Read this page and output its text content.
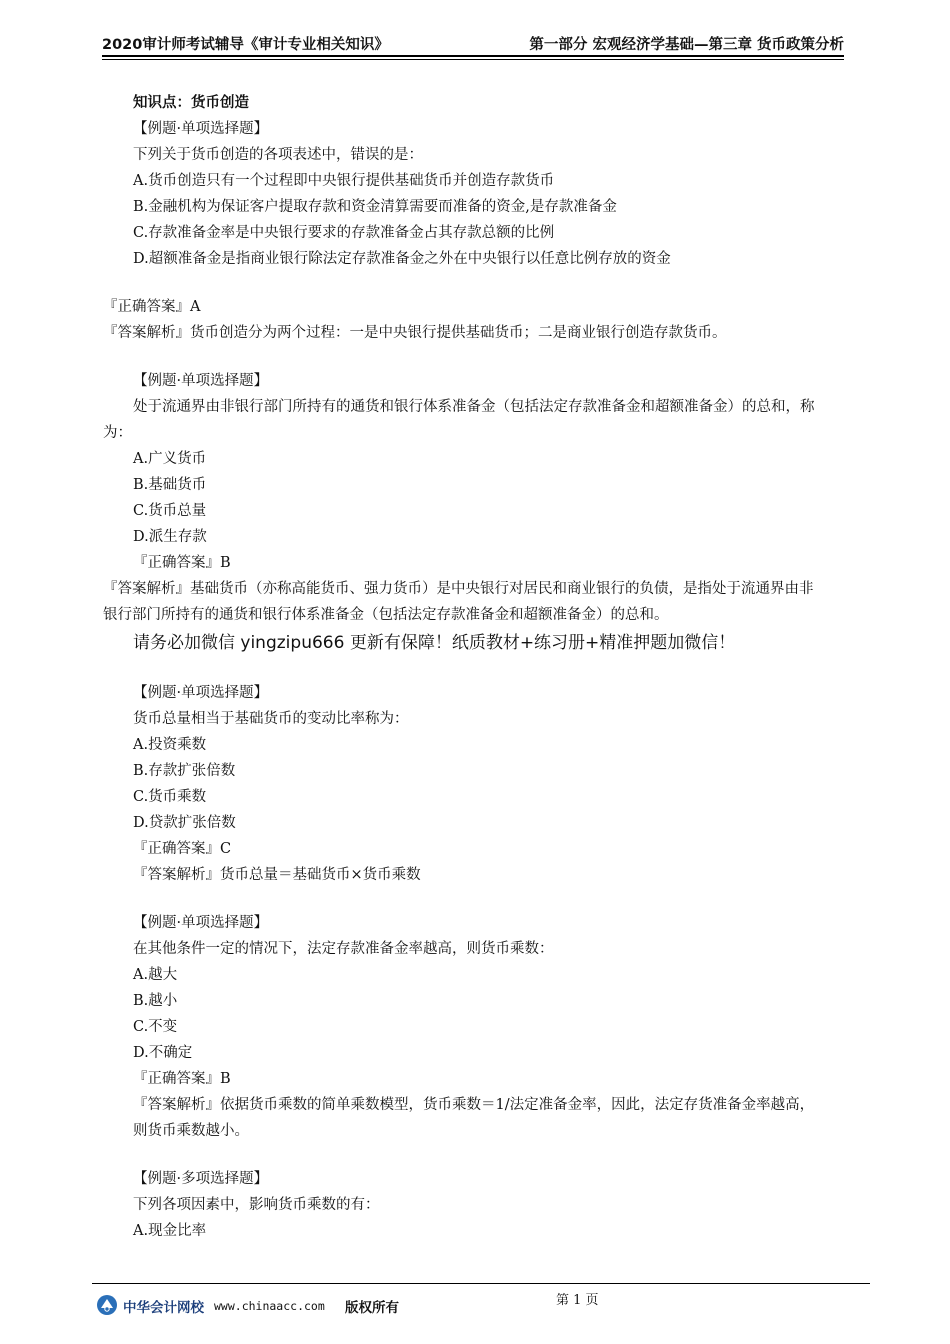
2020审计师考试辅导《审计专业相关知识》	第一部分 宏观经济学基础—第三章 货币政策分析
知识点：货币创造
【例题·单项选择题】
下列关于货币创造的各项表述中，错误的是：
A.货币创造只有一个过程即中央银行提供基础货币并创造存款货币
B.金融机构为保证客户提取存款和资金清算需要而准备的资金,是存款准备金
C.存款准备金率是中央银行要求的存款准备金占其存款总额的比例
D.超额准备金是指商业银行除法定存款准备金之外在中央银行以任意比例存放的资金
『正确答案』A
『答案解析』货币创造分为两个过程：一是中央银行提供基础货币；二是商业银行创造存款货币。
【例题·单项选择题】
处于流通界由非银行部门所持有的通货和银行体系准备金（包括法定存款准备金和超额准备金）的总和，称为：
A.广义货币
B.基础货币
C.货币总量
D.派生存款
『正确答案』B
『答案解析』基础货币（亦称高能货币、强力货币）是中央银行对居民和商业银行的负债，是指处于流通界由非银行部门所持有的通货和银行体系准备金（包括法定存款准备金和超额准备金）的总和。
请务必加微信 yingzipu666 更新有保障！纸质教材+练习册+精准押题加微信！
【例题·单项选择题】
货币总量相当于基础货币的变动比率称为：
A.投资乘数
B.存款扩张倍数
C.货币乘数
D.贷款扩张倍数
『正确答案』C
『答案解析』货币总量＝基础货币×货币乘数
【例题·单项选择题】
在其他条件一定的情况下，法定存款准备金率越高，则货币乘数：
A.越大
B.越小
C.不变
D.不确定
『正确答案』B
『答案解析』依据货币乘数的简单乘数模型，货币乘数＝1/法定准备金率，因此，法定存货准备金率越高，则货币乘数越小。
【例题·多项选择题】
下列各项因素中，影响货币乘数的有：
A.现金比率
中华会计网校 www.chinaacc.com 版权所有	第 1 页
